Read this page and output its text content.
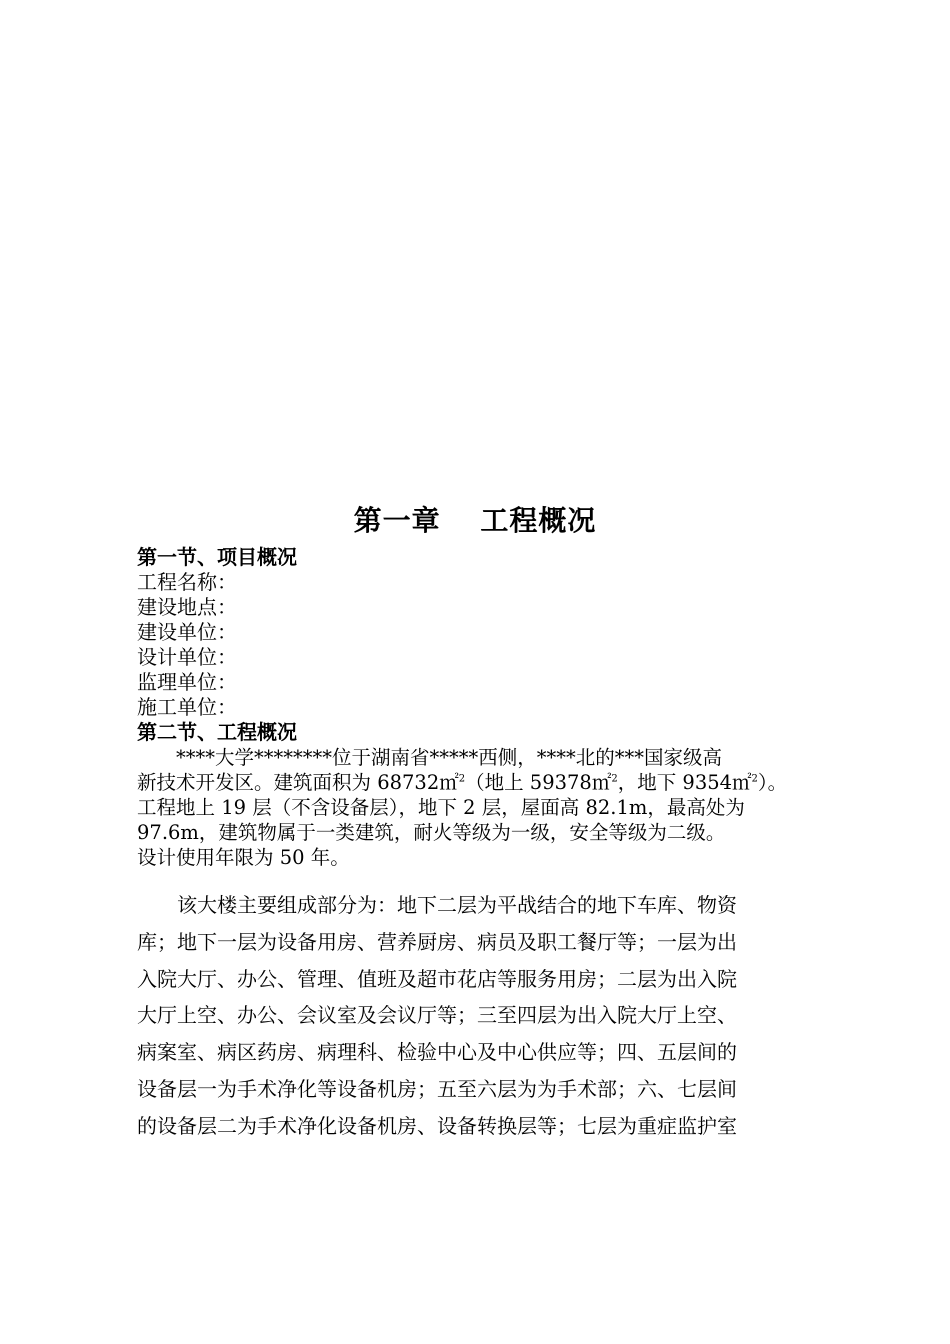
第一章　 工程概况
第一节、项目概况
工程名称：
建设地点：
建设单位：
设计单位：
监理单位：
施工单位：
第二节、工程概况
****大学********位于湖南省*****西侧，****北的***国家级高
新技术开发区。建筑面积为 68732㎡$^2$（地上 59378㎡$^2$，地下 9354㎡$^2$）。
工程地上 19 层（不含设备层），地下 2 层，屋面高 82.1m，最高处为
97.6m，建筑物属于一类建筑，耐火等级为一级，安全等级为二级。
设计使用年限为 50 年。
该大楼主要组成部分为：地下二层为平战结合的地下车库、物资
库；地下一层为设备用房、营养厨房、病员及职工餐厅等；一层为出
入院大厅、办公、管理、值班及超市花店等服务用房；二层为出入院
大厅上空、办公、会议室及会议厅等；三至四层为出入院大厅上空、
病案室、病区药房、病理科、检验中心及中心供应等；四、五层间的
设备层一为手术净化等设备机房；五至六层为为手术部；六、七层间
的设备层二为手术净化设备机房、设备转换层等；七层为重症监护室
